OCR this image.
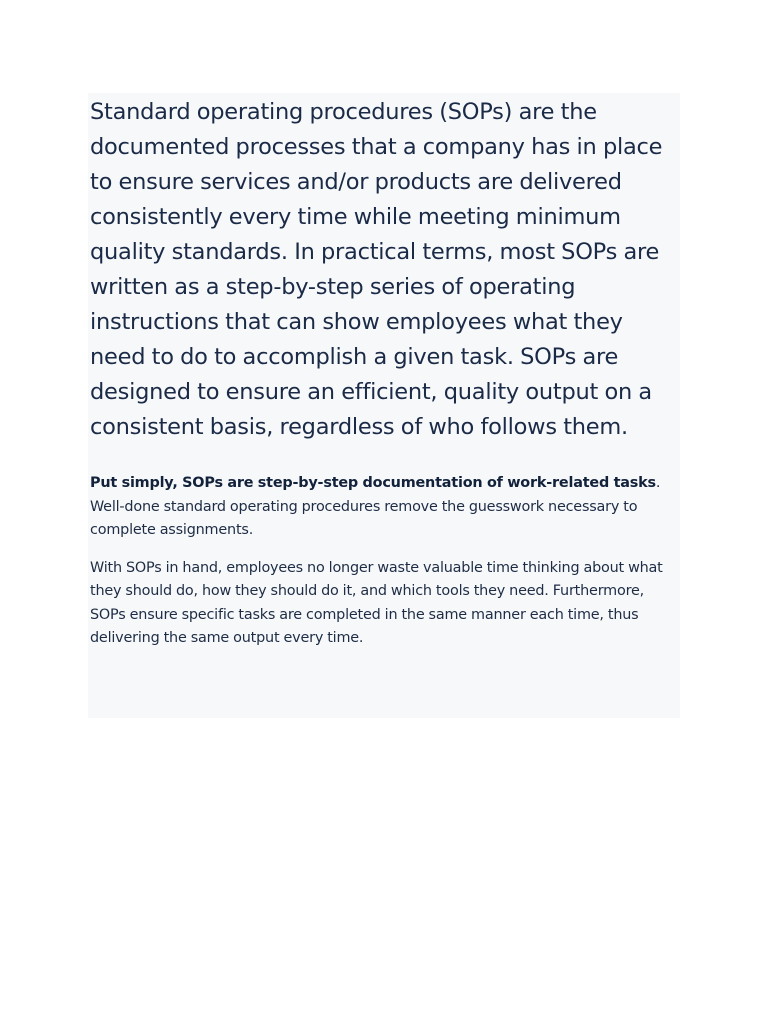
Standard operating procedures (SOPs) are the documented processes that a company has in place to ensure services and/or products are delivered consistently every time while meeting minimum quality standards. In practical terms, most SOPs are written as a step-by-step series of operating instructions that can show employees what they need to do to accomplish a given task. SOPs are designed to ensure an efficient, quality output on a consistent basis, regardless of who follows them.

Put simply, SOPs are step-by-step documentation of work-related tasks. Well-done standard operating procedures remove the guesswork necessary to complete assignments.

With SOPs in hand, employees no longer waste valuable time thinking about what they should do, how they should do it, and which tools they need. Furthermore, SOPs ensure specific tasks are completed in the same manner each time, thus delivering the same output every time.
